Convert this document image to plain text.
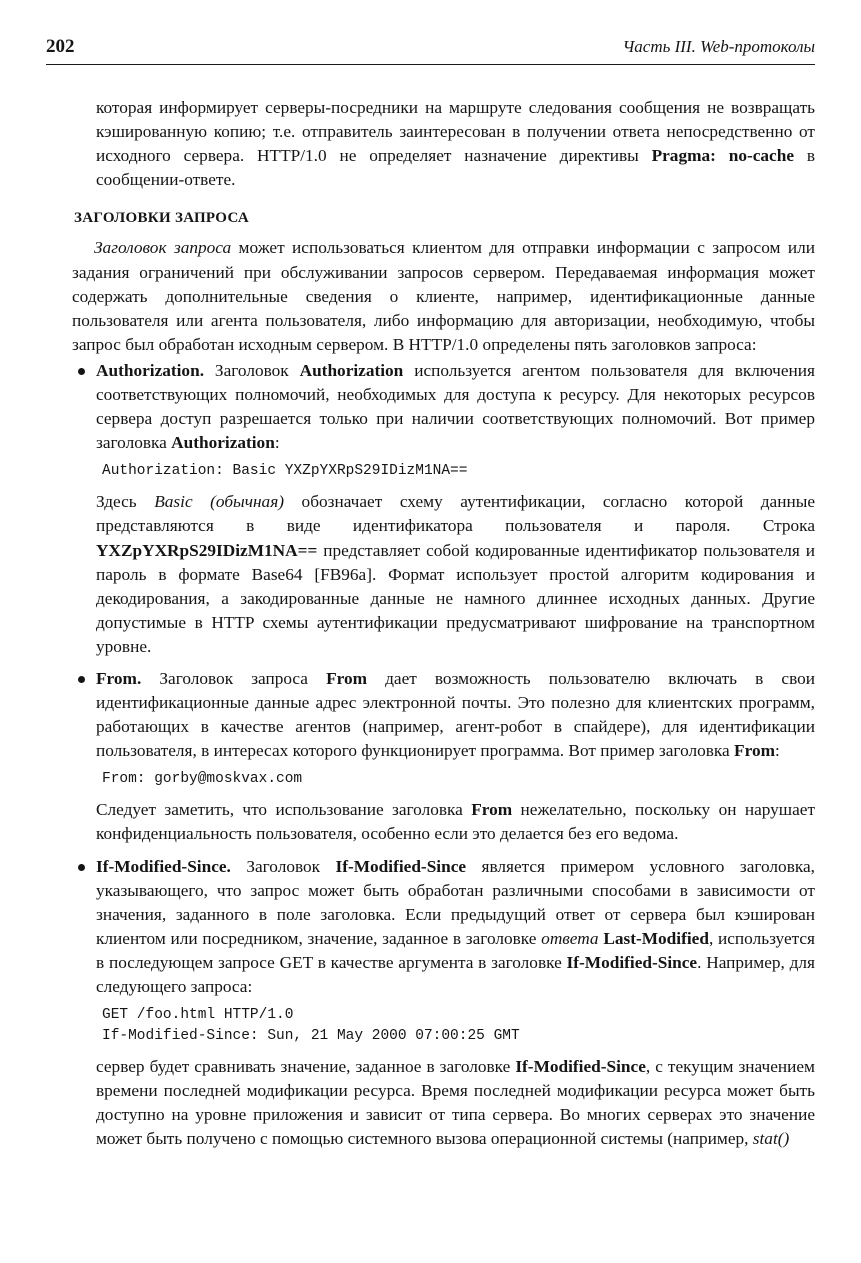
202	Часть III. Web-протоколы

которая информирует серверы-посредники на маршруте следования сообщения не возвращать кэшированную копию; т.е. отправитель заинтересован в получении ответа непосредственно от исходного сервера. HTTP/1.0 не определяет назначение директивы Pragma: no-cache в сообщении-ответе.

ЗАГОЛОВКИ ЗАПРОСА

Заголовок запроса может использоваться клиентом для отправки информации с запросом или задания ограничений при обслуживании запросов сервером. Передаваемая информация может содержать дополнительные сведения о клиенте, например, идентификационные данные пользователя или агента пользователя, либо информацию для авторизации, необходимую, чтобы запрос был обработан исходным сервером. В HTTP/1.0 определены пять заголовков запроса:

Authorization. Заголовок Authorization используется агентом пользователя для включения соответствующих полномочий, необходимых для доступа к ресурсу. Для некоторых ресурсов сервера доступ разрешается только при наличии соответствующих полномочий. Вот пример заголовка Authorization:

Authorization: Basic YXZpYXRpS29IDizM1NA==

Здесь Basic (обычная) обозначает схему аутентификации, согласно которой данные представляются в виде идентификатора пользователя и пароля. Строка YXZpYXRpS29IDizM1NA== представляет собой кодированные идентификатор пользователя и пароль в формате Base64 [FB96a]. Формат использует простой алгоритм кодирования и декодирования, а закодированные данные не намного длиннее исходных данных. Другие допустимые в HTTP схемы аутентификации предусматривают шифрование на транспортном уровне.

From. Заголовок запроса From дает возможность пользователю включать в свои идентификационные данные адрес электронной почты. Это полезно для клиентских программ, работающих в качестве агентов (например, агент-робот в спайдере), для идентификации пользователя, в интересах которого функционирует программа. Вот пример заголовка From:

From: gorby@moskvax.com

Следует заметить, что использование заголовка From нежелательно, поскольку он нарушает конфиденциальность пользователя, особенно если это делается без его ведома.

If-Modified-Since. Заголовок If-Modified-Since является примером условного заголовка, указывающего, что запрос может быть обработан различными способами в зависимости от значения, заданного в поле заголовка. Если предыдущий ответ от сервера был кэширован клиентом или посредником, значение, заданное в заголовке ответа Last-Modified, используется в последующем запросе GET в качестве аргумента в заголовке If-Modified-Since. Например, для следующего запроса:

GET /foo.html HTTP/1.0
If-Modified-Since: Sun, 21 May 2000 07:00:25 GMT

сервер будет сравнивать значение, заданное в заголовке If-Modified-Since, с текущим значением времени последней модификации ресурса. Время последней модификации ресурса может быть доступно на уровне приложения и зависит от типа сервера. Во многих серверах это значение может быть получено с помощью системного вызова операционной системы (например, stat()
